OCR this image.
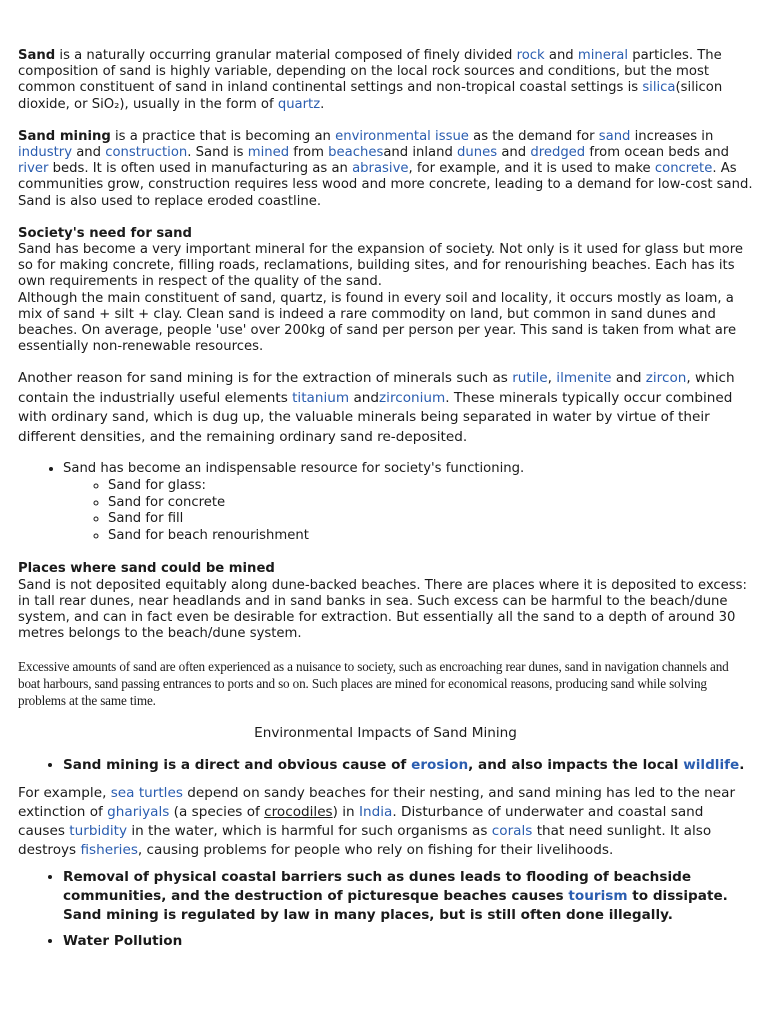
Sand is a naturally occurring granular material composed of finely divided rock and mineral particles. The composition of sand is highly variable, depending on the local rock sources and conditions, but the most common constituent of sand in inland continental settings and non-tropical coastal settings is silica(silicon dioxide, or SiO₂), usually in the form of quartz.

Sand mining is a practice that is becoming an environmental issue as the demand for sand increases in industry and construction. Sand is mined from beachesand inland dunes and dredged from ocean beds and river beds. It is often used in manufacturing as an abrasive, for example, and it is used to make concrete. As communities grow, construction requires less wood and more concrete, leading to a demand for low-cost sand. Sand is also used to replace eroded coastline.

Society's need for sand

Sand has become a very important mineral for the expansion of society. Not only is it used for glass but more so for making concrete, filling roads, reclamations, building sites, and for renourishing beaches. Each has its own requirements in respect of the quality of the sand.

Although the main constituent of sand, quartz, is found in every soil and locality, it occurs mostly as loam, a mix of sand + silt + clay. Clean sand is indeed a rare commodity on land, but common in sand dunes and beaches. On average, people 'use' over 200kg of sand per person per year. This sand is taken from what are essentially non-renewable resources.

Another reason for sand mining is for the extraction of minerals such as rutile, ilmenite and zircon, which contain the industrially useful elements titanium andzirconium. These minerals typically occur combined with ordinary sand, which is dug up, the valuable minerals being separated in water by virtue of their different densities, and the remaining ordinary sand re-deposited.

• Sand has become an indispensable resource for society's functioning.
◦ Sand for glass:
◦ Sand for concrete
◦ Sand for fill
◦ Sand for beach renourishment

Places where sand could be mined

Sand is not deposited equitably along dune-backed beaches. There are places where it is deposited to excess: in tall rear dunes, near headlands and in sand banks in sea. Such excess can be harmful to the beach/dune system, and can in fact even be desirable for extraction. But essentially all the sand to a depth of around 30 metres belongs to the beach/dune system.

Excessive amounts of sand are often experienced as a nuisance to society, such as encroaching rear dunes, sand in navigation channels and boat harbours, sand passing entrances to ports and so on. Such places are mined for economical reasons, producing sand while solving problems at the same time.

Environmental Impacts of Sand Mining

• Sand mining is a direct and obvious cause of erosion, and also impacts the local wildlife.

For example, sea turtles depend on sandy beaches for their nesting, and sand mining has led to the near extinction of ghariyals (a species of crocodiles) in India. Disturbance of underwater and coastal sand causes turbidity in the water, which is harmful for such organisms as corals that need sunlight. It also destroys fisheries, causing problems for people who rely on fishing for their livelihoods.

• Removal of physical coastal barriers such as dunes leads to flooding of beachside communities, and the destruction of picturesque beaches causes tourism to dissipate. Sand mining is regulated by law in many places, but is still often done illegally.
• Water Pollution
